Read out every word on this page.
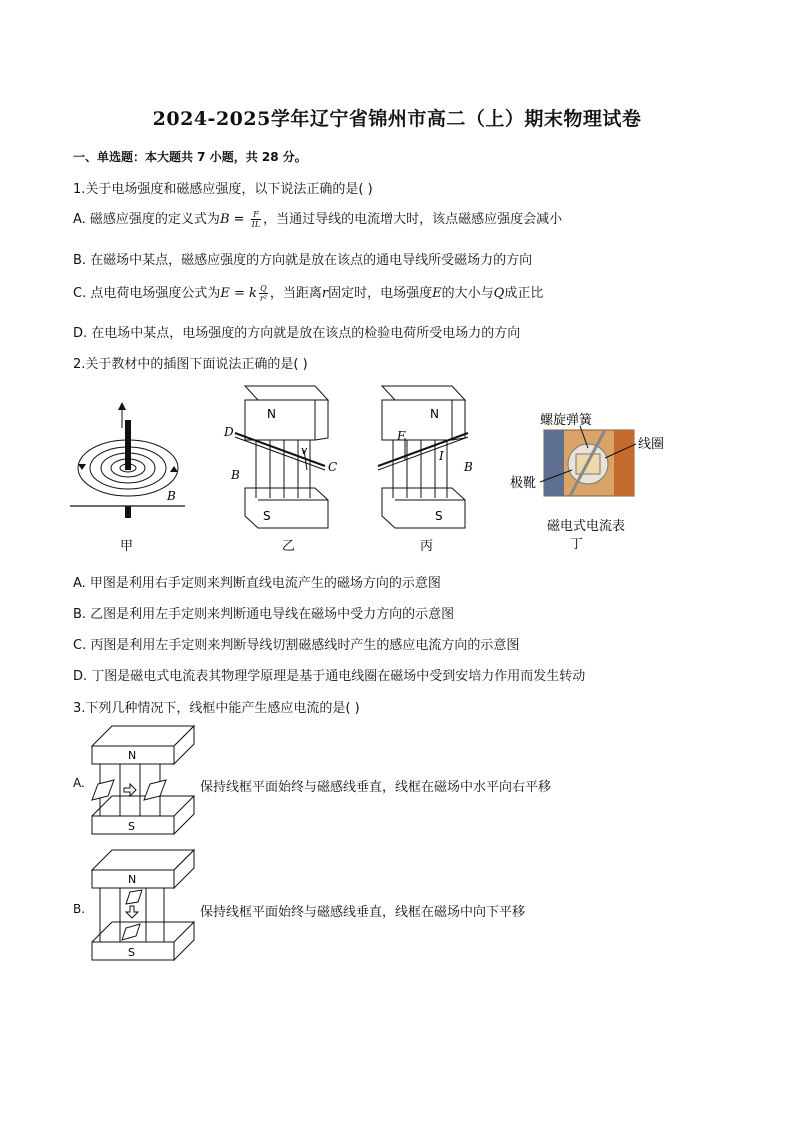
2024-2025学年辽宁省锦州市高二（上）期末物理试卷
一、单选题：本大题共 7 小题，共 28 分。
1.关于电场强度和磁感应强度，以下说法正确的是( )
A. 磁感应强度的定义式为$B = \frac{F}{IL}$ ，当通过导线的电流增大时，该点磁感应强度会减小
B. 在磁场中某点，磁感应强度的方向就是放在该点的通电导线所受磁场力的方向
C. 点电荷电场强度公式为E = k $\frac{Q}{\text{r²}}$ ，当距离r固定时，电场强度E的大小与Q成正比
D. 在电场中某点，电场强度的方向就是放在该点的检验电荷所受电场力的方向
2.关于教材中的插图下面说法正确的是( )
B
甲
N
S
D
C
v
B
乙
N
S
F
I
B
丙
螺旋弹簧
线圈
极靴
磁电式电流表
丁
A. 甲图是利用右手定则来判断直线电流产生的磁场方向的示意图
B. 乙图是利用左手定则来判断通电导线在磁场中受力方向的示意图
C. 丙图是利用左手定则来判断导线切割磁感线时产生的感应电流方向的示意图
D. 丁图是磁电式电流表其物理学原理是基于通电线圈在磁场中受到安培力作用而发生转动
3.下列几种情况下，线框中能产生感应电流的是( )
A.
N
S
保持线框平面始终与磁感线垂直，线框在磁场中水平向右平移
B.
N
S
保持线框平面始终与磁感线垂直，线框在磁场中向下平移
